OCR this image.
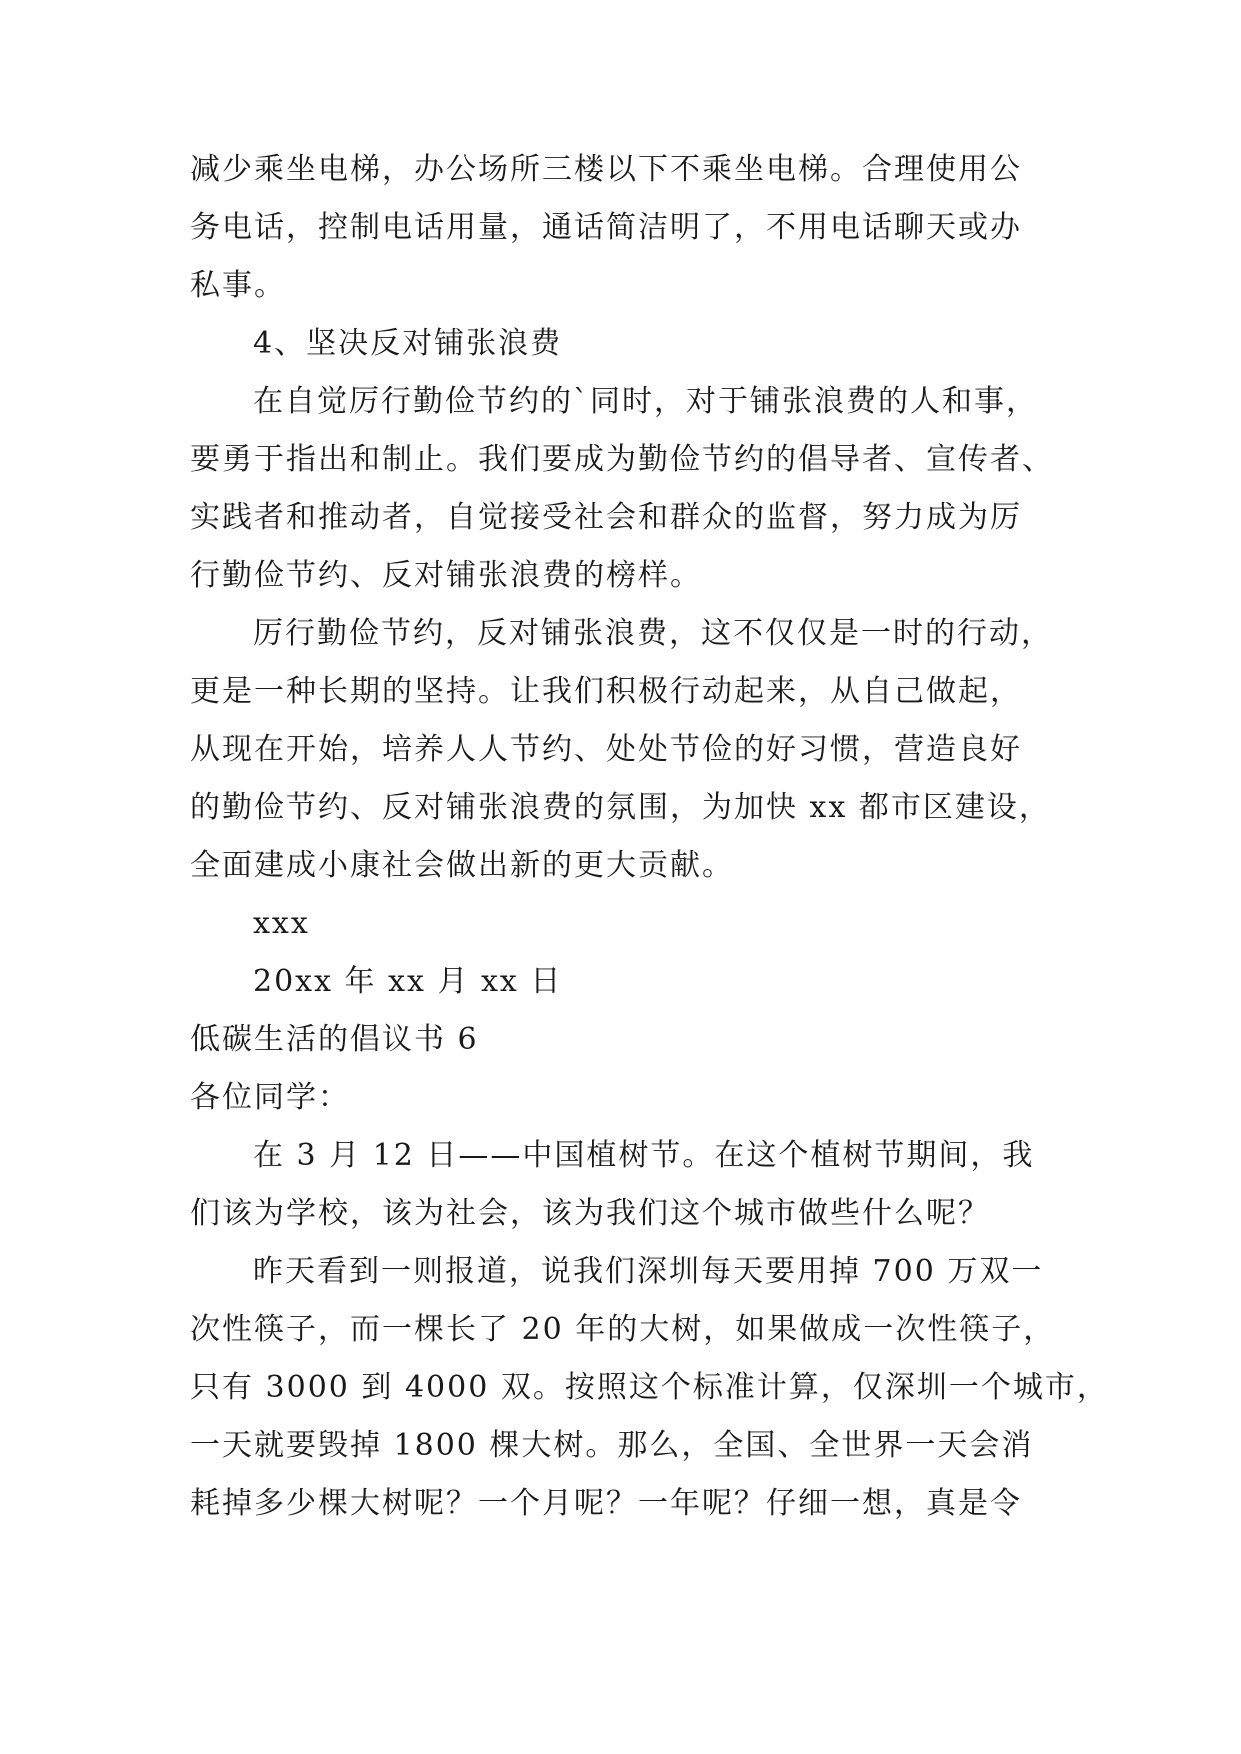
减少乘坐电梯，办公场所三楼以下不乘坐电梯。合理使用公
务电话，控制电话用量，通话简洁明了，不用电话聊天或办
私事。
4、坚决反对铺张浪费
在自觉厉行勤俭节约的`同时，对于铺张浪费的人和事，
要勇于指出和制止。我们要成为勤俭节约的倡导者、宣传者、
实践者和推动者，自觉接受社会和群众的监督，努力成为厉
行勤俭节约、反对铺张浪费的榜样。
厉行勤俭节约，反对铺张浪费，这不仅仅是一时的行动，
更是一种长期的坚持。让我们积极行动起来，从自己做起，
从现在开始，培养人人节约、处处节俭的好习惯，营造良好
的勤俭节约、反对铺张浪费的氛围，为加快 xx 都市区建设，
全面建成小康社会做出新的更大贡献。
xxx
20xx 年 xx 月 xx 日
低碳生活的倡议书 6
各位同学：
在 3 月 12 日——中国植树节。在这个植树节期间，我
们该为学校，该为社会，该为我们这个城市做些什么呢？
昨天看到一则报道，说我们深圳每天要用掉 700 万双一
次性筷子，而一棵长了 20 年的大树，如果做成一次性筷子，
只有 3000 到 4000 双。按照这个标准计算，仅深圳一个城市，
一天就要毁掉 1800 棵大树。那么，全国、全世界一天会消
耗掉多少棵大树呢？一个月呢？一年呢？仔细一想，真是令
